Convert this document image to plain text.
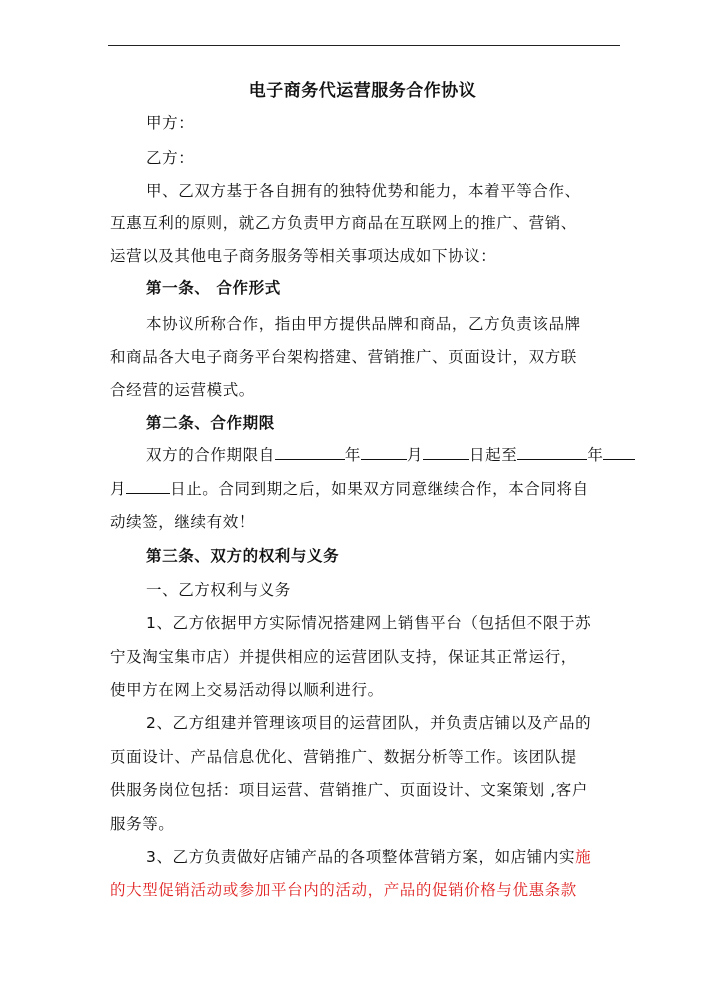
电子商务代运营服务合作协议
甲方：
乙方：
甲、乙双方基于各自拥有的独特优势和能力，本着平等合作、
互惠互利的原则，就乙方负责甲方商品在互联网上的推广、营销、
运营以及其他电子商务服务等相关事项达成如下协议：
第一条、 合作形式
本协议所称合作，指由甲方提供品牌和商品，乙方负责该品牌
和商品各大电子商务平台架构搭建、营销推广、页面设计，双方联
合经营的运营模式。
第二条、合作期限
双方的合作期限自	年	月	日起至	年
月	日止。合同到期之后，如果双方同意继续合作，本合同将自
动续签，继续有效！
第三条、双方的权利与义务
一、乙方权利与义务
1、乙方依据甲方实际情况搭建网上销售平台（包括但不限于苏
宁及淘宝集市店）并提供相应的运营团队支持，保证其正常运行，
使甲方在网上交易活动得以顺利进行。
2、乙方组建并管理该项目的运营团队，并负责店铺以及产品的
页面设计、产品信息优化、营销推广、数据分析等工作。该团队提
供服务岗位包括：项目运营、营销推广、页面设计、文案策划 ,客户
服务等。
3、乙方负责做好店铺产品的各项整体营销方案，如店铺内实施
的大型促销活动或参加平台内的活动，产品的促销价格与优惠条款
